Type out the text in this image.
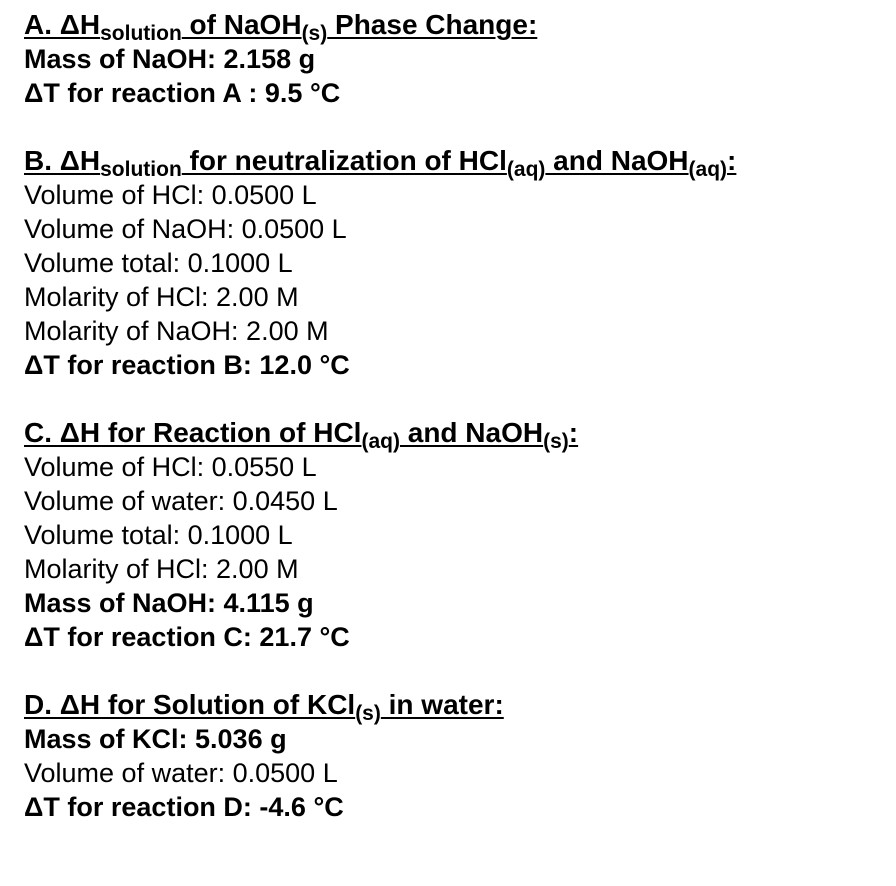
A. $\Delta H_{solution}$ of NaOH$_{(s)}$ Phase Change:
Mass of NaOH: 2.158 g
ΔT for reaction A : 9.5 °C
B. $\Delta H_{solution}$ for neutralization of HCl$_{(aq)}$ and NaOH$_{(aq)}$:
Volume of HCl: 0.0500 L
Volume of NaOH: 0.0500 L
Volume total: 0.1000 L
Molarity of HCl: 2.00 M
Molarity of NaOH: 2.00 M
ΔT for reaction B: 12.0 °C
C. ΔH for Reaction of HCl$_{(aq)}$ and NaOH$_{(s)}$:
Volume of HCl: 0.0550 L
Volume of water: 0.0450 L
Volume total: 0.1000 L
Molarity of HCl: 2.00 M
Mass of NaOH: 4.115 g
ΔT for reaction C: 21.7 °C
D. ΔH for Solution of KCl$_{(s)}$ in water:
Mass of KCl: 5.036 g
Volume of water: 0.0500 L
ΔT for reaction D: -4.6 °C
